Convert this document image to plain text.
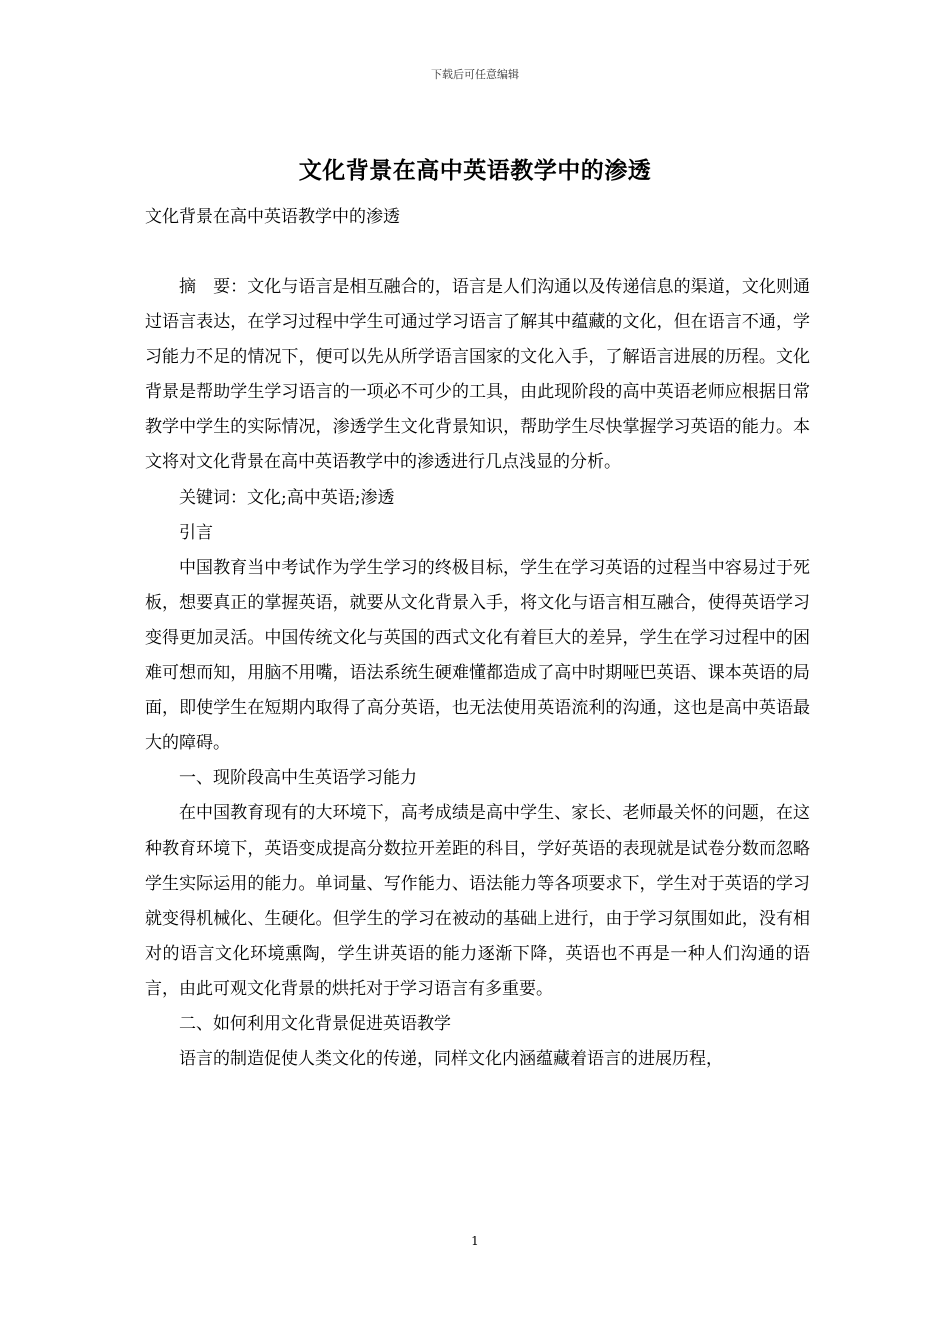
下载后可任意编辑
文化背景在高中英语教学中的渗透
文化背景在高中英语教学中的渗透

摘　要：文化与语言是相互融合的，语言是人们沟通以及传递信息的渠道，文化则通过语言表达，在学习过程中学生可通过学习语言了解其中蕴藏的文化，但在语言不通，学习能力不足的情况下，便可以先从所学语言国家的文化入手，了解语言进展的历程。文化背景是帮助学生学习语言的一项必不可少的工具，由此现阶段的高中英语老师应根据日常教学中学生的实际情况，渗透学生文化背景知识，帮助学生尽快掌握学习英语的能力。本文将对文化背景在高中英语教学中的渗透进行几点浅显的分析。

关键词：文化;高中英语;渗透

引言

中国教育当中考试作为学生学习的终极目标，学生在学习英语的过程当中容易过于死板，想要真正的掌握英语，就要从文化背景入手，将文化与语言相互融合，使得英语学习变得更加灵活。中国传统文化与英国的西式文化有着巨大的差异，学生在学习过程中的困难可想而知，用脑不用嘴，语法系统生硬难懂都造成了高中时期哑巴英语、课本英语的局面，即使学生在短期内取得了高分英语，也无法使用英语流利的沟通，这也是高中英语最大的障碍。

一、现阶段高中生英语学习能力

在中国教育现有的大环境下，高考成绩是高中学生、家长、老师最关怀的问题，在这种教育环境下，英语变成提高分数拉开差距的科目，学好英语的表现就是试卷分数而忽略学生实际运用的能力。单词量、写作能力、语法能力等各项要求下，学生对于英语的学习就变得机械化、生硬化。但学生的学习在被动的基础上进行，由于学习氛围如此，没有相对的语言文化环境熏陶，学生讲英语的能力逐渐下降，英语也不再是一种人们沟通的语言，由此可观文化背景的烘托对于学习语言有多重要。

二、如何利用文化背景促进英语教学

语言的制造促使人类文化的传递，同样文化内涵蕴藏着语言的进展历程，

1
